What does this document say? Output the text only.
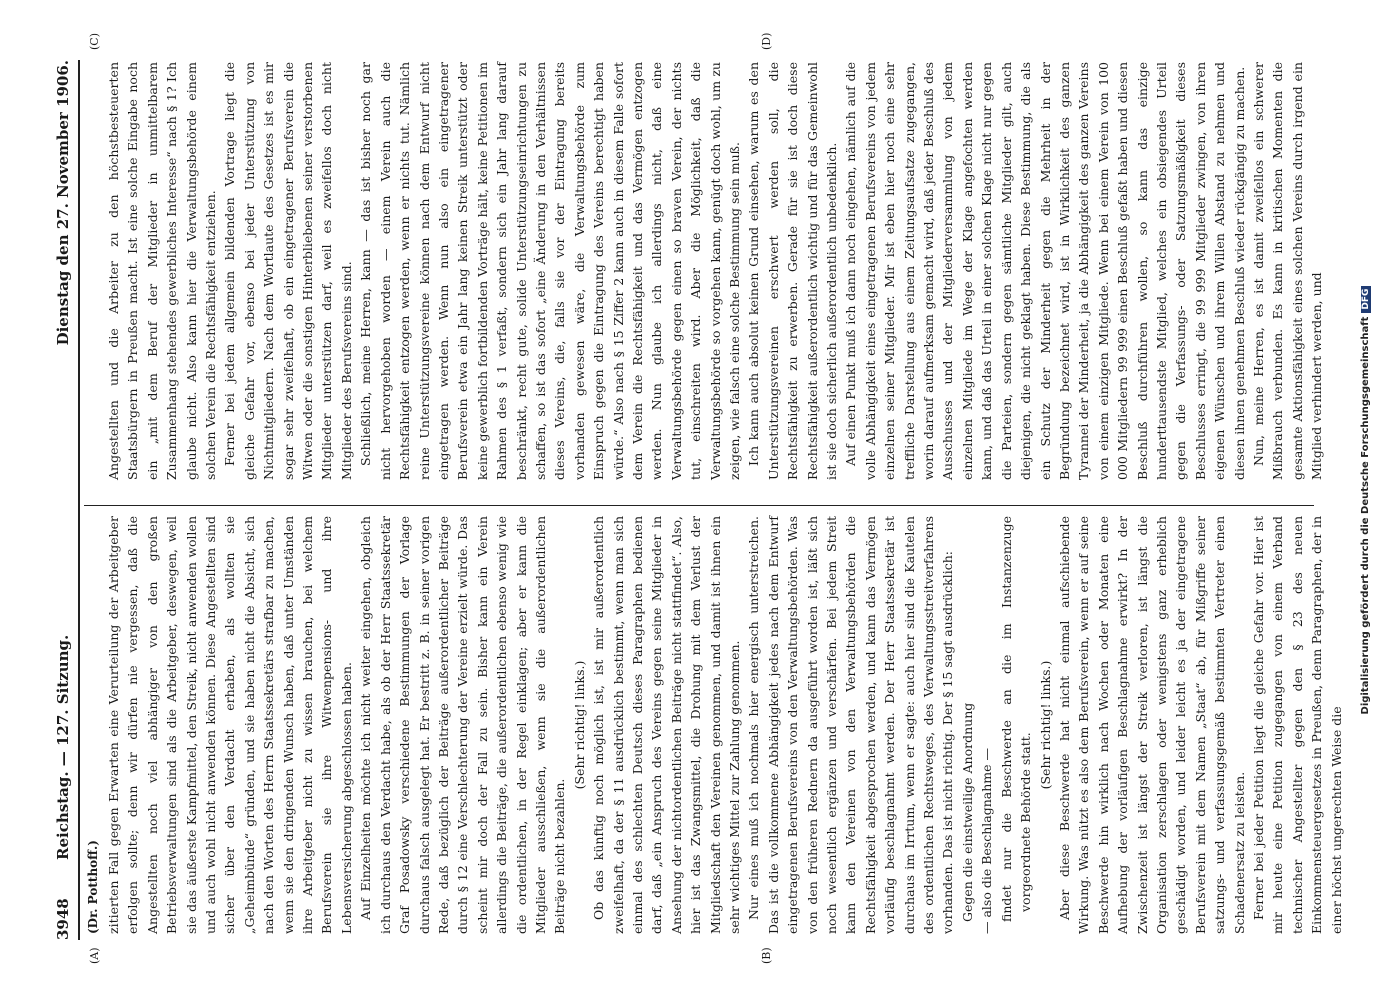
3948
Reichstag. — 127. Sitzung.
Dienstag den 27. November 1906.
(A)	(B)
(C)	(D)
(Dr. Potthoff.) zitierten Fall gegen Erwarten eine Verurteilung der Arbeitgeber erfolgen sollte; denn wir dürfen nie vergessen, daß die Angestellten noch viel abhängiger von den großen Betriebsverwaltungen sind als die Arbeitgeber, deswegen, weil sie das äußerste Kampfmittel, den Streik, nicht anwenden wollen und auch wohl nicht anwenden können. Diese Angestellten sind sicher über den Verdacht erhaben, als wollten sie „Geheimbünde“ gründen, und sie haben nicht die Absicht, sich nach den Worten des Herrn Staatssekretärs strafbar zu machen, wenn sie den dringenden Wunsch haben, daß unter Umständen ihre Arbeitgeber nicht zu wissen brauchen, bei welchem Berufsverein sie ihre Witwenpensions- und ihre Lebensversicherung abgeschlossen haben. Auf Einzelheiten möchte ich nicht weiter eingehen, obgleich ich durchaus den Verdacht habe, als ob der Herr Staatssekretär Graf Posadowsky verschiedene Bestimmungen der Vorlage durchaus falsch ausgelegt hat. Er bestritt z. B. in seiner vorigen Rede, daß bezüglich der Beiträge außerordentlicher Beiträge durch § 12 eine Verschlechterung der Vereine erzielt würde. Das scheint mir doch der Fall zu sein. Bisher kann ein Verein allerdings die Beiträge, die außerordentlichen ebenso wenig wie die ordentlichen, in der Regel einklagen; aber er kann die Mitglieder ausschließen, wenn sie die außerordentlichen Beiträge nicht bezahlen.

(Sehr richtig! links.) Ob das künftig noch möglich ist, ist mir außerordentlich zweifelhaft, da der § 11 ausdrücklich bestimmt, wenn man sich einmal des schlechten Deutsch dieses Paragraphen bedienen darf, daß „ein Anspruch des Vereins gegen seine Mitglieder in Ansehung der nichtordentlichen Beiträge nicht stattfindet“. Also, hier ist das Zwangsmittel, die Drohung mit dem Verlust der Mitgliedschaft den Vereinen genommen, und damit ist ihnen ein sehr wichtiges Mittel zur Zahlung genommen. Nur eines muß ich nochmals hier energisch unterstreichen. Das ist die vollkommene Abhängigkeit jedes nach dem Entwurf eingetragenen Berufsvereins von den Verwaltungsbehörden. Was von den früheren Rednern da ausgeführt worden ist, läßt sich noch wesentlich ergänzen und verschärfen. Bei jedem Streit kann den Vereinen von den Verwaltungsbehörden die Rechtsfähigkeit abgesprochen werden, und kann das Vermögen vorläufig beschlagnahmt werden. Der Herr Staatssekretär ist durchaus im Irrtum, wenn er sagte: auch hier sind die Kautelen des ordentlichen Rechtsweges, des Verwaltungsstreitverfahrens vorhanden. Das ist nicht richtig. Der § 15 sagt ausdrücklich: Gegen die einstweilige Anordnung — also die Beschlagnahme — findet nur die Beschwerde an die im Instanzenzuge vorgeordnete Behörde statt.

(Sehr richtig! links.) Aber diese Beschwerde hat nicht einmal aufschiebende Wirkung. Was nützt es also dem Berufsverein, wenn er auf seine Beschwerde hin wirklich nach Wochen oder Monaten eine Aufhebung der vorläufigen Beschlagnahme erwirkt? In der Zwischenzeit ist längst der Streik verloren, ist längst die Organisation zerschlagen oder wenigstens ganz erheblich geschädigt worden, und leider leicht es ja der eingetragene Berufsverein mit dem Namen „Staat“ ab, für Mißgriffe seiner satzungs- und verfassungsgemäß bestimmten Vertreter einen Schadenersatz zu leisten. Ferner bei jeder Petition liegt die gleiche Gefahr vor. Hier ist mir heute eine Petition zugegangen von einem Verband technischer Angestellter gegen den § 23 des neuen Einkommensteuergesetzes in Preußen, denn Paragraphen, der in einer höchst ungerechten Weise die

Angestellten und die Arbeiter zu den höchstbesteuerten Staatsbürgern in Preußen macht. Ist eine solche Eingabe noch ein „mit dem Beruf der Mitglieder in unmittelbarem Zusammenhang stehendes gewerbliches Interesse“ nach § 1? Ich glaube nicht. Also kann hier die Verwaltungsbehörde einem solchen Verein die Rechtsfähigkeit entziehen. Ferner bei jedem allgemein bildenden Vortrage liegt die gleiche Gefahr vor, ebenso bei jeder Unterstützung von Nichtmitgliedern. Nach dem Wortlaute des Gesetzes ist es mir sogar sehr zweifelhaft, ob ein eingetragener Berufsverein die Witwen oder die sonstigen Hinterbliebenen seiner verstorbenen Mitglieder unterstützen darf, weil es zweifellos doch nicht Mitglieder des Berufsvereins sind. Schließlich, meine Herren, kann — das ist bisher noch gar nicht hervorgehoben worden — einem Verein auch die Rechtsfähigkeit entzogen werden, wenn er nichts tut. Nämlich reine Unterstützungsvereine können nach dem Entwurf nicht eingetragen werden. Wenn nun also ein eingetragener Berufsverein etwa ein Jahr lang keinen Streik unterstützt oder keine gewerblich fortbildenden Vorträge hält, keine Petitionen im Rahmen des § 1 verfaßt, sondern sich ein Jahr lang darauf beschränkt, recht gute, solide Unterstützungseinrichtungen zu schaffen, so ist das sofort „eine Änderung in den Verhältnissen dieses Vereins, die, falls sie vor der Eintragung bereits vorhanden gewesen wäre, die Verwaltungsbehörde zum Einspruch gegen die Eintragung des Vereins berechtigt haben würde.“ Also nach § 15 Ziffer 2 kann auch in diesem Falle sofort dem Verein die Rechtsfähigkeit und das Vermögen entzogen werden. Nun glaube ich allerdings nicht, daß eine Verwaltungsbehörde gegen einen so braven Verein, der nichts tut, einschreiten wird. Aber die Möglichkeit, daß die Verwaltungsbehörde so vorgehen kann, genügt doch wohl, um zu zeigen, wie falsch eine solche Bestimmung sein muß. Ich kann auch absolut keinen Grund einsehen, warum es den Unterstützungsvereinen erschwert werden soll, die Rechtsfähigkeit zu erwerben. Gerade für sie ist doch diese Rechtsfähigkeit außerordentlich wichtig und für das Gemeinwohl ist sie doch sicherlich außerordentlich unbedenklich. Auf einen Punkt muß ich dann noch eingehen, nämlich auf die volle Abhängigkeit eines eingetragenen Berufsvereins von jedem einzelnen seiner Mitglieder. Mir ist eben hier noch eine sehr treffliche Darstellung aus einem Zeitungsaufsatze zugegangen, worin darauf aufmerksam gemacht wird, daß jeder Beschluß des Ausschusses und der Mitgliederversammlung von jedem einzelnen Mitgliede im Wege der Klage angefochten werden kann, und daß das Urteil in einer solchen Klage nicht nur gegen die Parteien, sondern gegen sämtliche Mitglieder gilt, auch diejenigen, die nicht geklagt haben. Diese Bestimmung, die als ein Schutz der Minderheit gegen die Mehrheit in der Begründung bezeichnet wird, ist in Wirklichkeit des ganzen Tyrannei der Minderheit, ja die Abhängigkeit des ganzen Vereins von einem einzigen Mitgliede. Wenn bei einem Verein von 100 000 Mitgliedern 99 999 einen Beschluß gefaßt haben und diesen Beschluß durchführen wollen, so kann das einzige hunderttausendste Mitglied, welches ein obsiegendes Urteil gegen die Verfassungs- oder Satzungsmäßigkeit dieses Beschlusses erringt, die 99 999 Mitglieder zwingen, von ihren eigenen Wünschen und ihrem Willen Abstand zu nehmen und diesen ihnen genehmen Beschluß wieder rückgängig zu machen. Nun, meine Herren, es ist damit zweifellos ein schwerer Mißbrauch verbunden. Es kann in kritischen Momenten die gesamte Aktionsfähigkeit eines solchen Vereins durch irgend ein Mitglied verhindert werden, und	Digitalisierung gefördert durch die Deutsche ForschungsgemeinschaftDFG
